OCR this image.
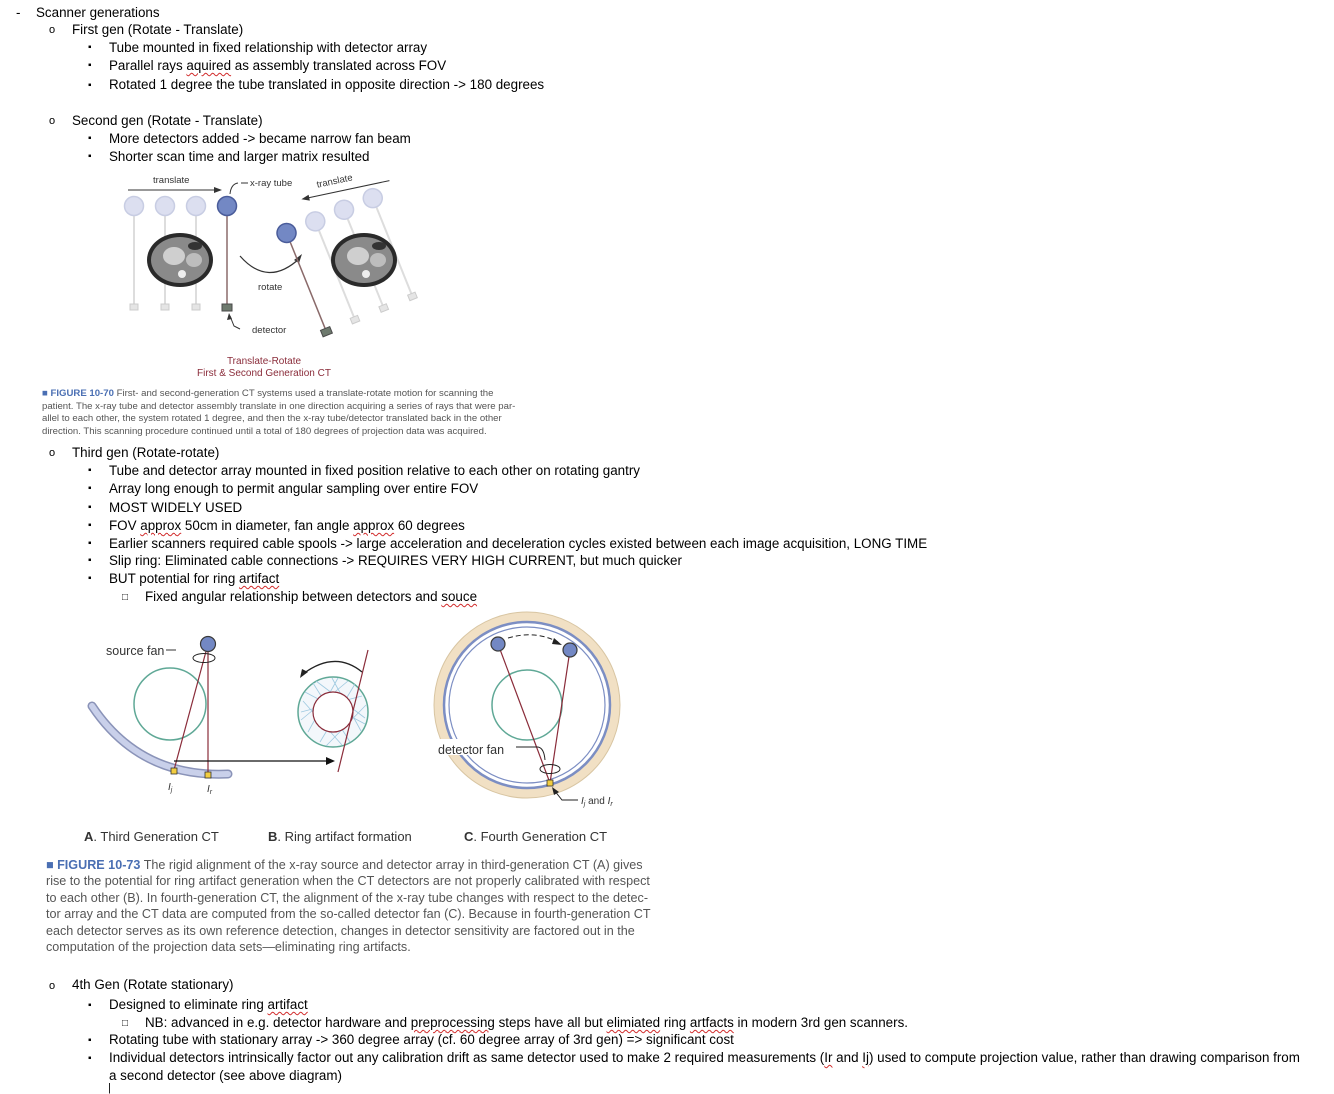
- Scanner generations
o First gen (Rotate - Translate)
▪ Tube mounted in fixed relationship with detector array
▪ Parallel rays aquired as assembly translated across FOV
▪ Rotated 1 degree the tube translated in opposite direction -> 180 degrees
o Second gen (Rotate - Translate)
▪ More detectors added -> became narrow fan beam
▪ Shorter scan time and larger matrix resulted
translate	x-ray tube
rotate
detector
translate
Translate-Rotate
First & Second Generation CT
■ FIGURE 10-70 First- and second-generation CT systems used a translate-rotate motion for scanning the
patient. The x-ray tube and detector assembly translate in one direction acquiring a series of rays that were par-
allel to each other, the system rotated 1 degree, and then the x-ray tube/detector translated back in the other
direction. This scanning procedure continued until a total of 180 degrees of projection data was acquired.
o Third gen (Rotate-rotate)
▪ Tube and detector array mounted in fixed position relative to each other on rotating gantry
▪ Array long enough to permit angular sampling over entire FOV
▪ MOST WIDELY USED
▪ FOV approx 50cm in diameter, fan angle approx 60 degrees
▪ Earlier scanners required cable spools -> large acceleration and deceleration cycles existed between each image acquisition, LONG TIME
▪ Slip ring: Eliminated cable connections -> REQUIRES VERY HIGH CURRENT, but much quicker
▪ BUT potential for ring artifact
□ Fixed angular relationship between detectors and souce
source fan
$I_j$	$I_r$
detector fan
$I_j$ and $I_r$
A. Third Generation CT	B. Ring artifact formation	C. Fourth Generation CT
■ FIGURE 10-73 The rigid alignment of the x-ray source and detector array in third-generation CT (A) gives
rise to the potential for ring artifact generation when the CT detectors are not properly calibrated with respect
to each other (B). In fourth-generation CT, the alignment of the x-ray tube changes with respect to the detec-
tor array and the CT data are computed from the so-called detector fan (C). Because in fourth-generation CT
each detector serves as its own reference detection, changes in detector sensitivity are factored out in the
computation of the projection data sets—eliminating ring artifacts.
o 4th Gen (Rotate stationary)
▪ Designed to eliminate ring artifact
□ NB: advanced in e.g. detector hardware and preprocessing steps have all but elimiated ring artfacts in modern 3rd gen scanners.
▪ Rotating tube with stationary array -> 360 degree array (cf. 60 degree array of 3rd gen) => significant cost
▪ Individual detectors intrinsically factor out any calibration drift as same detector used to make 2 required measurements (Ir and Ij) used to compute projection value, rather than drawing comparison from
a second detector (see above diagram)
|
